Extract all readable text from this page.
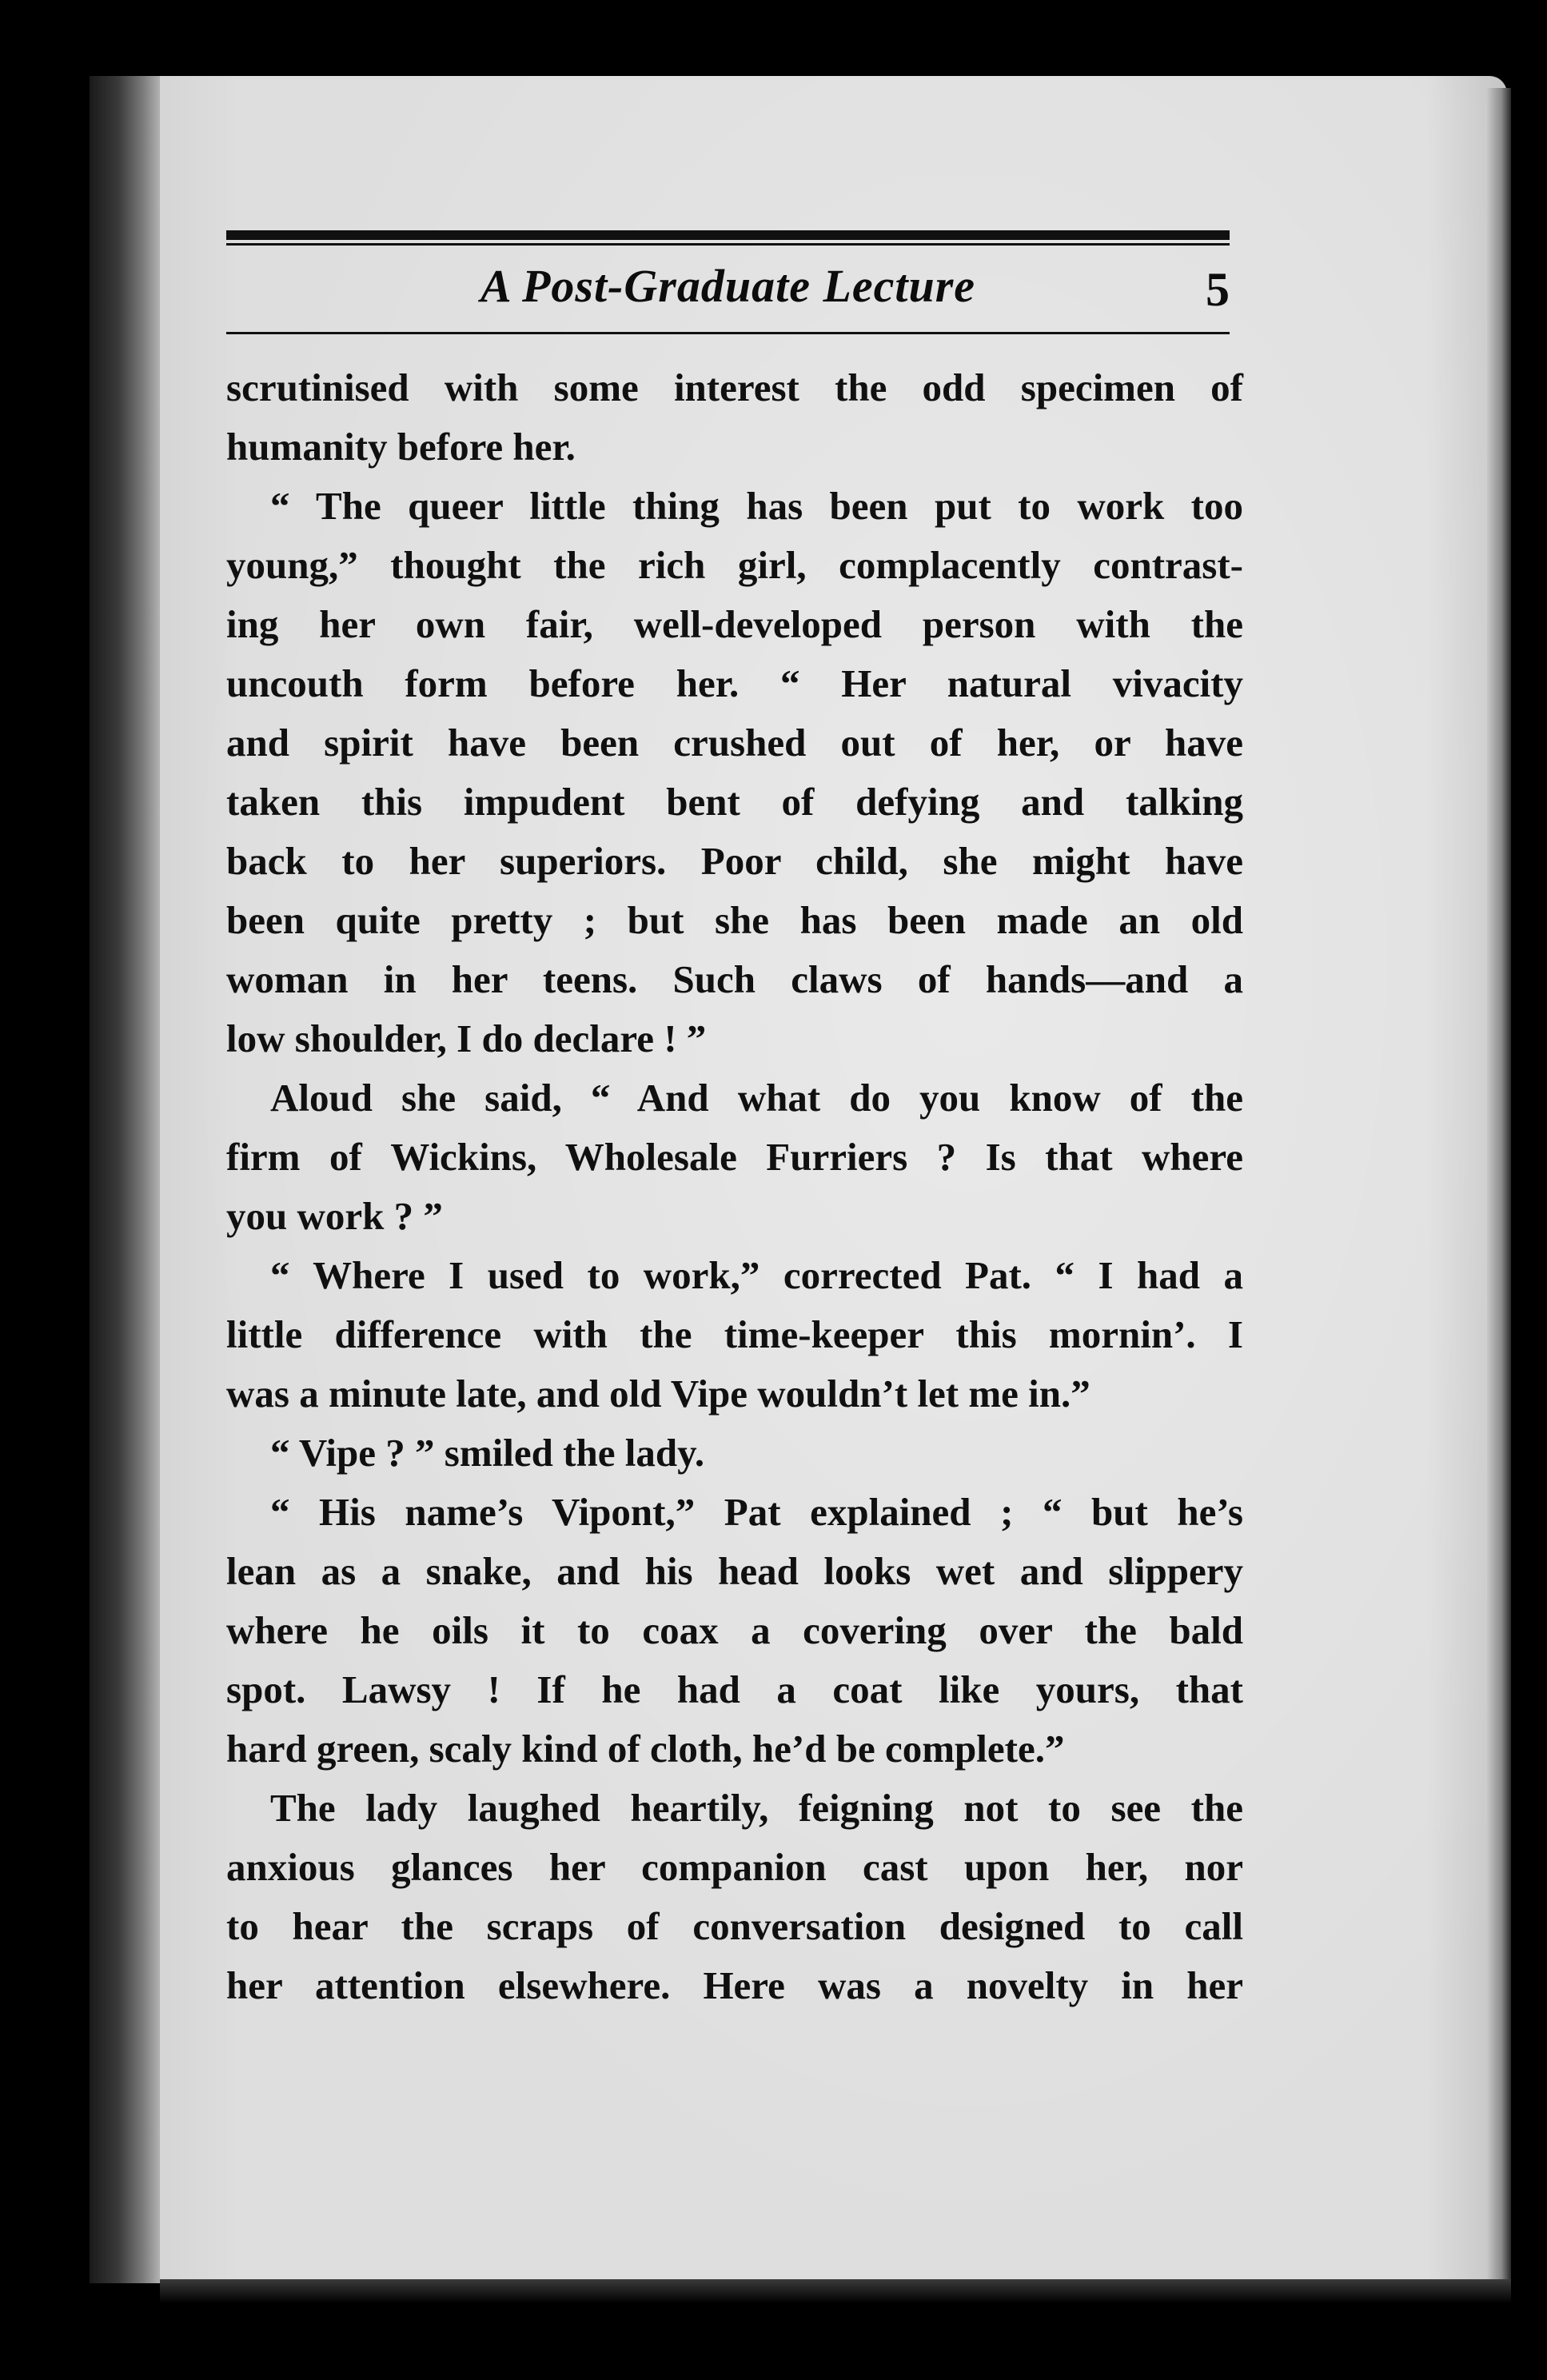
A Post-Graduate Lecture	5
scrutinised with some interest the odd specimen of
humanity before her.
“ The queer little thing has been put to work too
young,” thought the rich girl, complacently contrast-
ing her own fair, well-developed person with the
uncouth form before her. “ Her natural vivacity
and spirit have been crushed out of her, or have
taken this impudent bent of defying and talking
back to her superiors. Poor child, she might have
been quite pretty ; but she has been made an old
woman in her teens. Such claws of hands—and a
low shoulder, I do declare ! ”
Aloud she said, “ And what do you know of the
firm of Wickins, Wholesale Furriers ? Is that where
you work ? ”
“ Where I used to work,” corrected Pat. “ I had a
little difference with the time-keeper this mornin’. I
was a minute late, and old Vipe wouldn’t let me in.”
“ Vipe ? ” smiled the lady.
“ His name’s Vipont,” Pat explained ; “ but he’s
lean as a snake, and his head looks wet and slippery
where he oils it to coax a covering over the bald
spot. Lawsy ! If he had a coat like yours, that
hard green, scaly kind of cloth, he’d be complete.”
The lady laughed heartily, feigning not to see the
anxious glances her companion cast upon her, nor
to hear the scraps of conversation designed to call
her attention elsewhere. Here was a novelty in her
